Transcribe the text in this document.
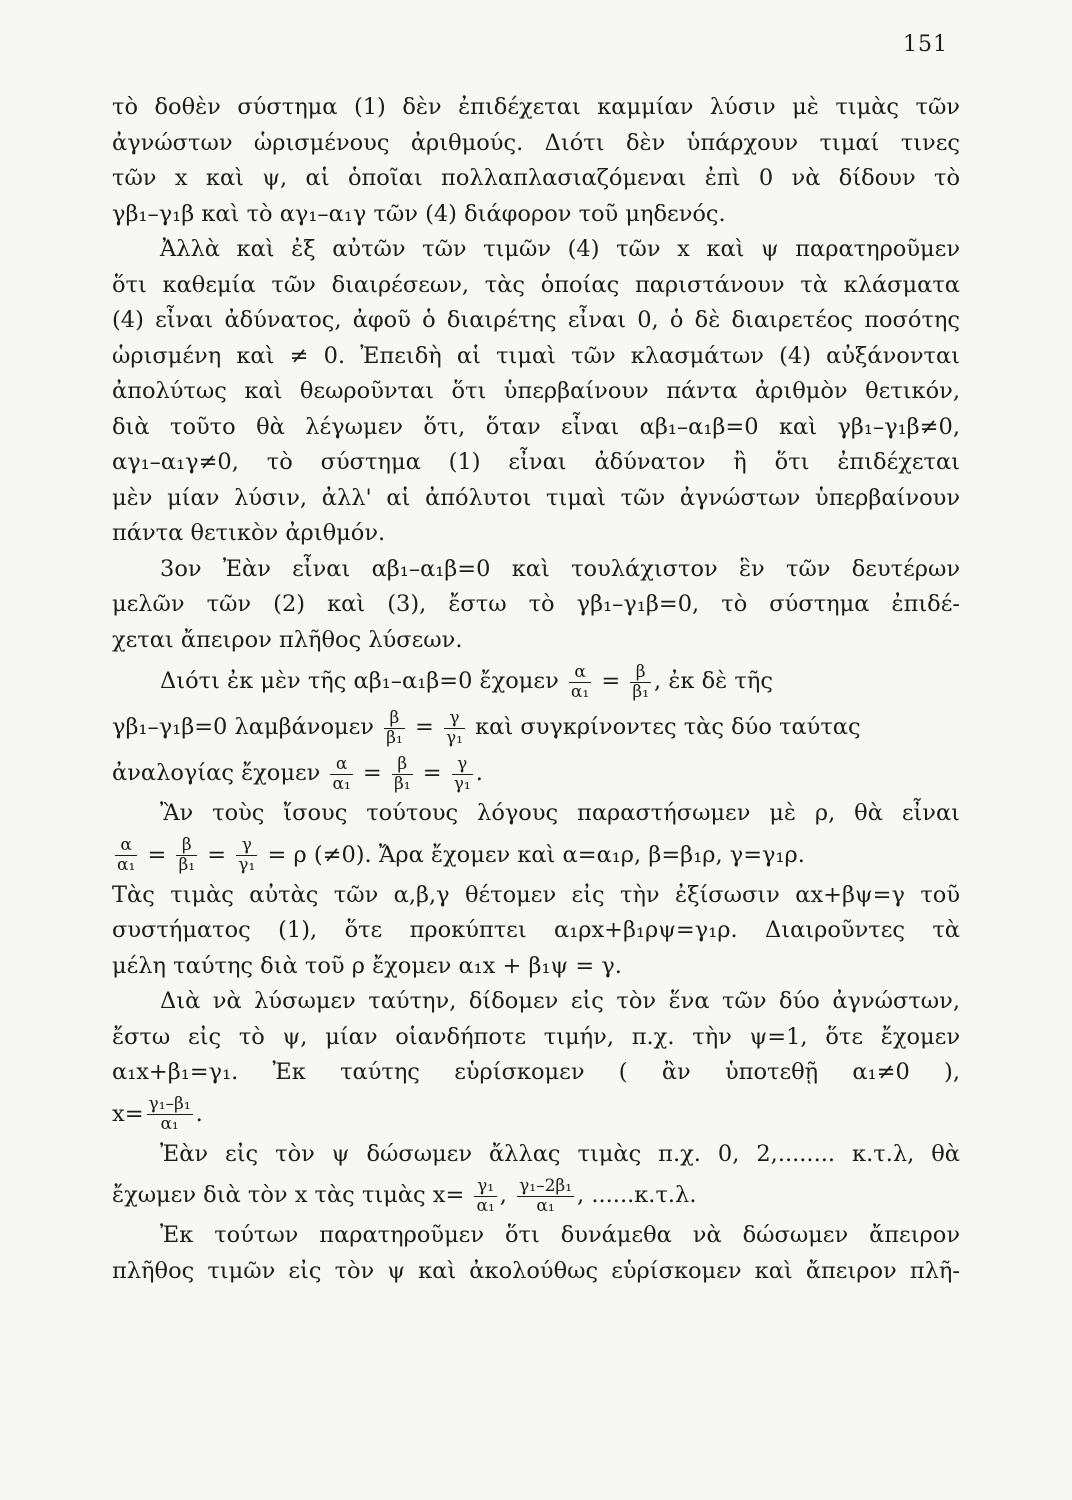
151
τὸ δοθὲν σύστημα (1) δὲν ἐπιδέχεται καμμίαν λύσιν μὲ τιμὰς τῶν
ἀγνώστων ὡρισμένους ἀριθμούς. Διότι δὲν ὑπάρχουν τιμαί τινες
τῶν x καὶ ψ, αἱ ὁποῖαι πολλαπλασιαζόμεναι ἐπὶ 0 νὰ δίδουν τὸ
γβ₁–γ₁β καὶ τὸ αγ₁–α₁γ τῶν (4) διάφορον τοῦ μηδενός.
Ἀλλὰ καὶ ἐξ αὐτῶν τῶν τιμῶν (4) τῶν x καὶ ψ παρατηροῦμεν
ὅτι καθεμία τῶν διαιρέσεων, τὰς ὁποίας παριστάνουν τὰ κλάσματα
(4) εἶναι ἀδύνατος, ἀφοῦ ὁ διαιρέτης εἶναι 0, ὁ δὲ διαιρετέος ποσότης
ὡρισμένη καὶ ≠ 0. Ἐπειδὴ αἱ τιμαὶ τῶν κλασμάτων (4) αὐξάνονται
ἀπολύτως καὶ θεωροῦνται ὅτι ὑπερβαίνουν πάντα ἀριθμὸν θετικόν,
διὰ τοῦτο θὰ λέγωμεν ὅτι, ὅταν εἶναι αβ₁–α₁β=0 καὶ γβ₁–γ₁β≠0,
αγ₁–α₁γ≠0, τὸ σύστημα (1) εἶναι ἀδύνατον ἢ ὅτι ἐπιδέχεται
μὲν μίαν λύσιν, ἀλλ' αἱ ἀπόλυτοι τιμαὶ τῶν ἀγνώστων ὑπερβαίνουν
πάντα θετικὸν ἀριθμόν.
3ον Ἐὰν εἶναι αβ₁–α₁β=0 καὶ τουλάχιστον ἓν τῶν δευτέρων
μελῶν τῶν (2) καὶ (3), ἔστω τὸ γβ₁–γ₁β=0, τὸ σύστημα ἐπιδέ-
χεται ἄπειρον πλῆθος λύσεων.
Διότι ἐκ μὲν τῆς αβ₁–α₁β=0 ἔχομεν $\frac{\alpha}{\text{α₁}} = \frac{\beta}{\text{β₁}}$ , ἐκ δὲ τῆς
γβ₁–γ₁β=0 λαμβάνομεν $\frac{\beta}{\text{β₁}} = \frac{\gamma}{\text{γ₁}}$ καὶ συγκρίνοντες τὰς δύο ταύτας
ἀναλογίας ἔχομεν $\frac{\alpha}{\text{α₁}} = \frac{\beta}{\text{β₁}} = \frac{\gamma}{\text{γ₁}}$ .
Ἂν τοὺς ἴσους τούτους λόγους παραστήσωμεν μὲ ρ, θὰ εἶναι
$\frac{\alpha}{\text{α₁}} = \frac{\beta}{\text{β₁}} = \frac{\gamma}{\text{γ₁}} = \rho$ (≠0). Ἄρα ἔχομεν καὶ α=α₁ρ, β=β₁ρ, γ=γ₁ρ.
Τὰς τιμὰς αὐτὰς τῶν α,β,γ θέτομεν εἰς τὴν ἐξίσωσιν αx+βψ=γ τοῦ
συστήματος (1), ὅτε προκύπτει α₁ρx+β₁ρψ=γ₁ρ. Διαιροῦντες τὰ
μέλη ταύτης διὰ τοῦ ρ ἔχομεν α₁x + β₁ψ = γ.
Διὰ νὰ λύσωμεν ταύτην, δίδομεν εἰς τὸν ἕνα τῶν δύο ἀγνώστων,
ἔστω εἰς τὸ ψ, μίαν οἱανδήποτε τιμήν, π.χ. τὴν ψ=1, ὅτε ἔχομεν
α₁x+β₁=γ₁. Ἐκ ταύτης εὑρίσκομεν ( ἂν ὑποτεθῇ α₁≠0 ),
$x= \frac{\text{γ₁–β₁}}{\text{α₁}}$ .
Ἐὰν εἰς τὸν ψ δώσωμεν ἄλλας τιμὰς π.χ. 0, 2,........ κ.τ.λ, θὰ
ἔχωμεν διὰ τὸν x τὰς τιμὰς $x= \frac{\text{γ₁}}{\text{α₁}}$ , $\frac{\text{γ₁–2β₁}}{\text{α₁}}$ , ......κ.τ.λ.
Ἐκ τούτων παρατηροῦμεν ὅτι δυνάμεθα νὰ δώσωμεν ἄπειρον
πλῆθος τιμῶν εἰς τὸν ψ καὶ ἀκολούθως εὑρίσκομεν καὶ ἄπειρον πλῆ-
